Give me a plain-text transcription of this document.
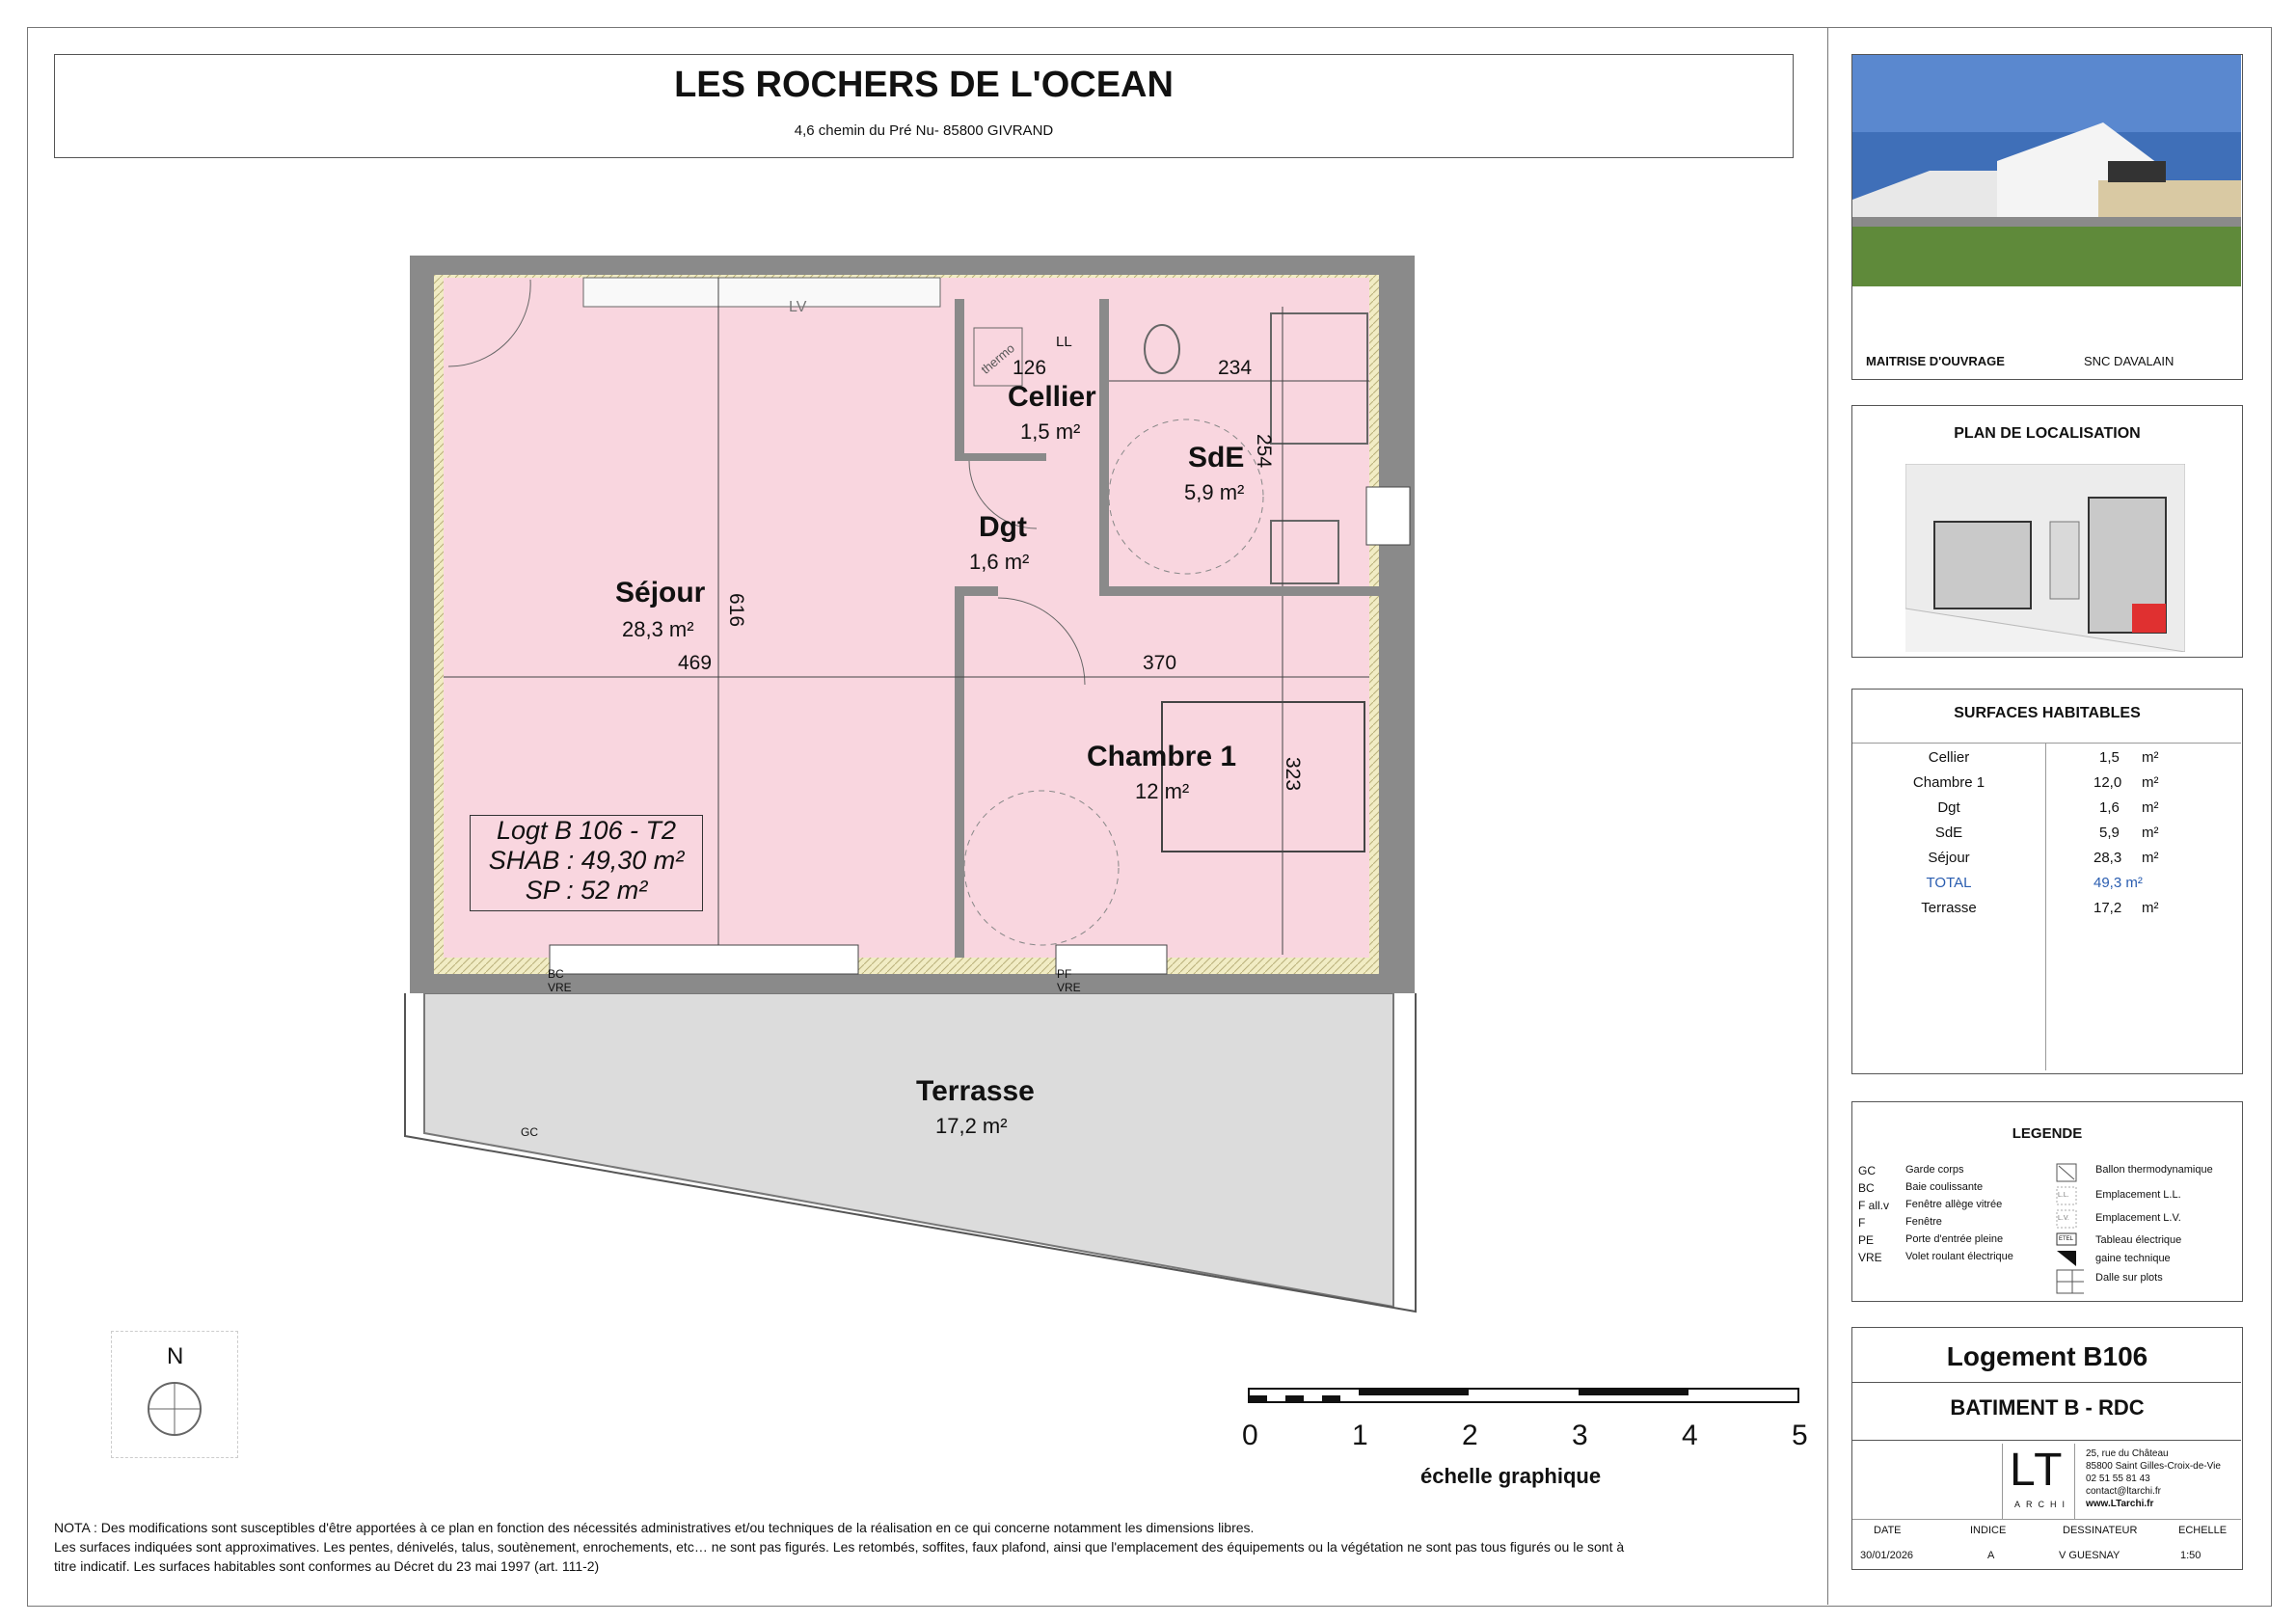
LES ROCHERS DE L'OCEAN
4,6 chemin du Pré Nu- 85800 GIVRAND
Séjour
28,3 m²
Cellier
1,5 m²
SdE
5,9 m²
Dgt
1,6 m²
Chambre 1
12 m²
Terrasse
17,2 m²
126	234
254
616
469	370
323
LV
LL
thermo
BC
VRE
PF
VRE
GC
Logt B 106 - T2
SHAB : 49,30 m²
SP : 52 m²
N
0	1	2	3	4	5
échelle graphique
NOTA : Des modifications sont susceptibles d'être apportées à ce plan en fonction des nécessités administratives et/ou techniques de la réalisation en ce qui concerne notamment les dimensions libres.
Les surfaces indiquées sont approximatives. Les pentes, dénivelés, talus, soutènement, enrochements, etc… ne sont pas figurés. Les retombés, soffites, faux plafond, ainsi que l'emplacement des équipements ou la végétation ne sont pas tous figurés ou le sont à
titre indicatif. Les surfaces habitables sont conformes au Décret du 23 mai 1997 (art. 111-2)
MAITRISE D'OUVRAGE	SNC DAVALAIN
PLAN DE LOCALISATION
SURFACES HABITABLES
Cellier	1,5 m²
Chambre 1	12,0 m²
Dgt	1,6 m²
SdE	5,9 m²
Séjour	28,3 m²
TOTAL	49,3 m²
Terrasse	17,2 m²
LEGENDE
GC	Garde corps
BC	Baie coulissante
F all.v Fenêtre allège vitrée
F	Fenêtre
PE	Porte d'entrée pleine
VRE Volet roulant électrique
L.L.
L.V.
ETEL
Ballon thermodynamique
Emplacement L.L.
Emplacement L.V.
Tableau électrique
gaine technique
Dalle sur plots
Logement B106
BATIMENT B - RDC
LT
ARCHI
25, rue du Château
85800 Saint Gilles-Croix-de-Vie
02 51 55 81 43
contact@ltarchi.fr
www.LTarchi.fr
DATE	INDICE	DESSINATEUR	ECHELLE
30/01/2026	A	V GUESNAY	1:50
